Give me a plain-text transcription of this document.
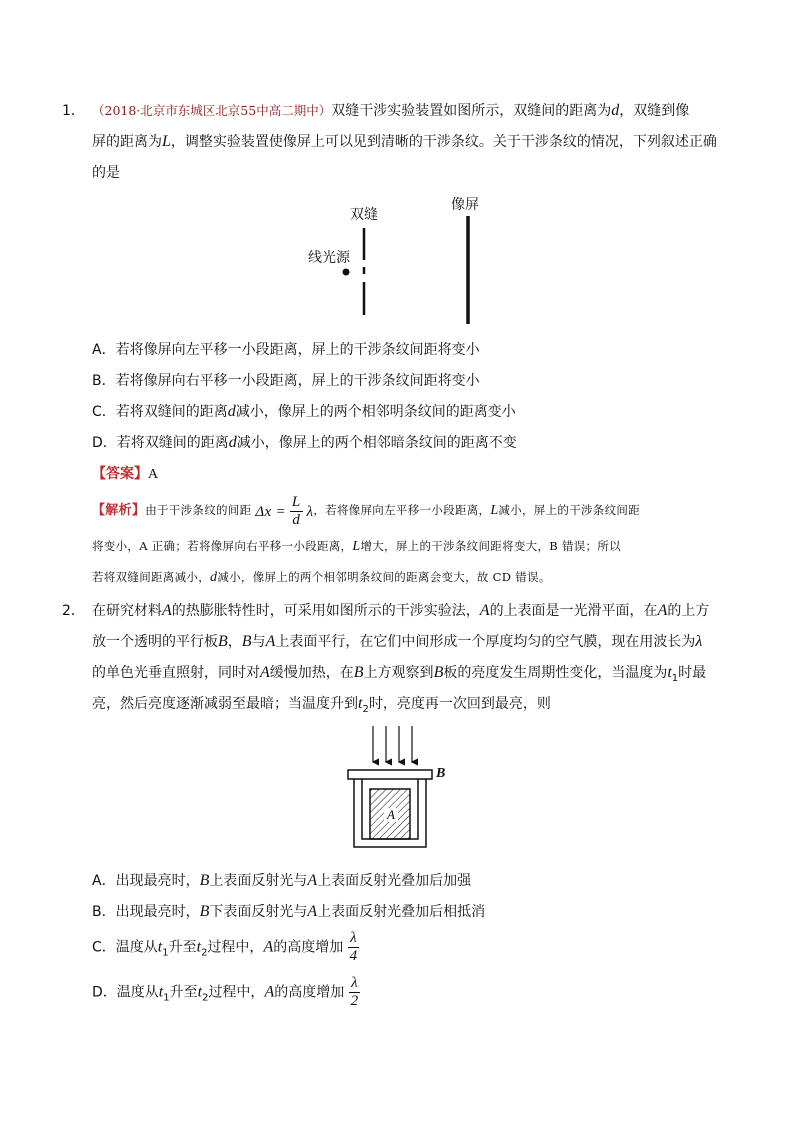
1． （2018·北京市东城区北京55中高二期中）双缝干涉实验装置如图所示，双缝间的距离为d，双缝到像
屏的距离为L，调整实验装置使像屏上可以见到清晰的干涉条纹。关于干涉条纹的情况，下列叙述正确
的是
双缝
像屏
线光源
A．若将像屏向左平移一小段距离，屏上的干涉条纹间距将变小
B．若将像屏向右平移一小段距离，屏上的干涉条纹间距将变小
C．若将双缝间的距离d减小，像屏上的两个相邻明条纹间的距离变小
D．若将双缝间的距离d减小，像屏上的两个相邻暗条纹间的距离不变
【答案】A
【解析】由于干涉条纹的间距 $\Delta x = \frac{L}{d}$ λ，若将像屏向左平移一小段距离，L减小，屏上的干涉条纹间距
将变小，A 正确；若将像屏向右平移一小段距离，L增大，屏上的干涉条纹间距将变大，B 错误；所以
若将双缝间距离减小，d减小，像屏上的两个相邻明条纹间的距离会变大，故 CD 错误。
2． 在研究材料A的热膨胀特性时，可采用如图所示的干涉实验法，A的上表面是一光滑平面，在A的上方
放一个透明的平行板B，B与A上表面平行，在它们中间形成一个厚度均匀的空气膜，现在用波长为λ
的单色光垂直照射，同时对A缓慢加热，在B上方观察到B板的亮度发生周期性变化，当温度为$t_1$时最
亮，然后亮度逐渐减弱至最暗；当温度升到$t_2$时，亮度再一次回到最亮，则
B
A
A．出现最亮时，B上表面反射光与A上表面反射光叠加后加强
B．出现最亮时，B下表面反射光与A上表面反射光叠加后相抵消
C．温度从$t_1$升至$t_2$过程中，A的高度增加 $\frac{\lambda}{4}$
D．温度从$t_1$升至$t_2$过程中，A的高度增加 $\frac{\lambda}{2}$
